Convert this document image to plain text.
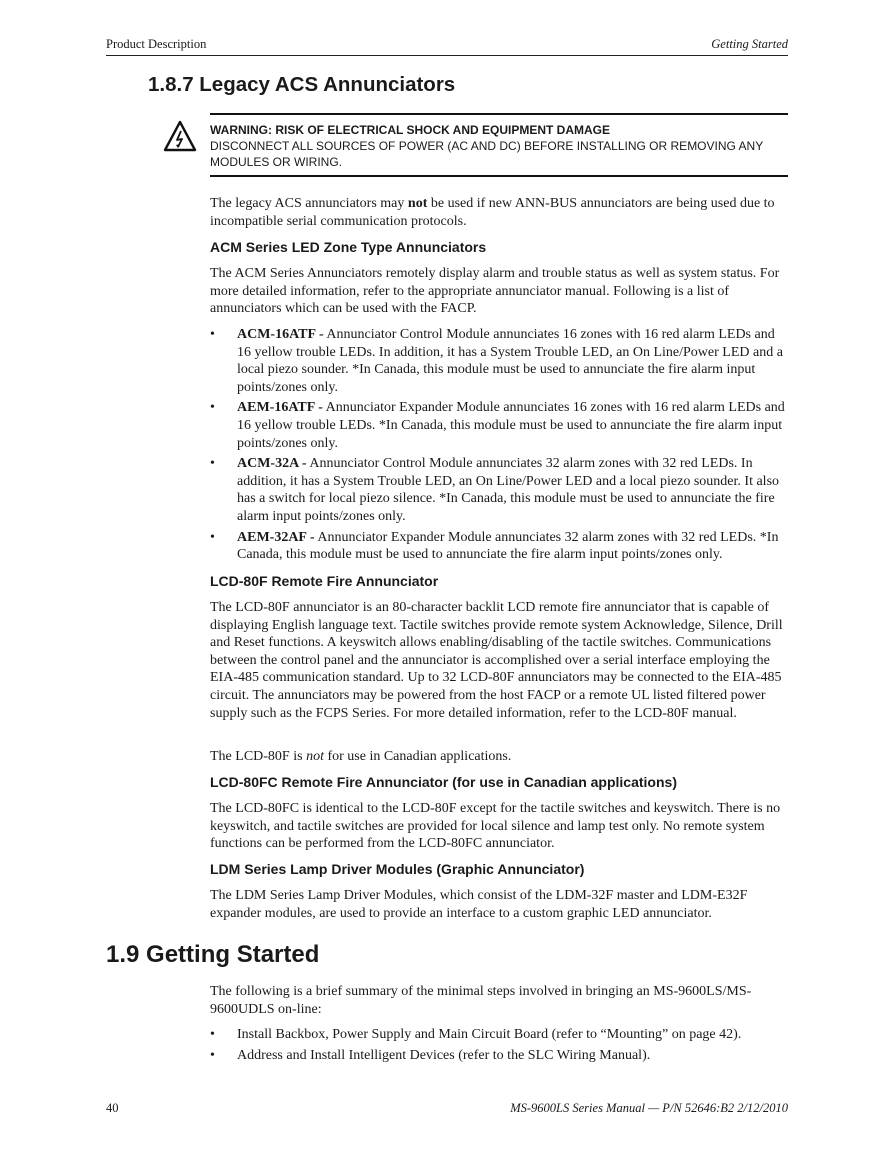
Product Description	Getting Started
1.8.7 Legacy ACS Annunciators
WARNING: RISK OF ELECTRICAL SHOCK AND EQUIPMENT DAMAGE
DISCONNECT ALL SOURCES OF POWER (AC AND DC) BEFORE INSTALLING OR REMOVING ANY MODULES OR WIRING.

The legacy ACS annunciators may not be used if new ANN-BUS annunciators are being used due to incompatible serial communication protocols.

ACM Series LED Zone Type Annunciators

The ACM Series Annunciators remotely display alarm and trouble status as well as system status. For more detailed information, refer to the appropriate annunciator manual. Following is a list of annunciators which can be used with the FACP.

• ACM-16ATF - Annunciator Control Module annunciates 16 zones with 16 red alarm LEDs and 16 yellow trouble LEDs. In addition, it has a System Trouble LED, an On Line/Power LED and a local piezo sounder. *In Canada, this module must be used to annunciate the fire alarm input points/zones only.
• AEM-16ATF - Annunciator Expander Module annunciates 16 zones with 16 red alarm LEDs and 16 yellow trouble LEDs. *In Canada, this module must be used to annunciate the fire alarm input points/zones only.
• ACM-32A - Annunciator Control Module annunciates 32 alarm zones with 32 red LEDs. In addition, it has a System Trouble LED, an On Line/Power LED and a local piezo sounder. It also has a switch for local piezo silence. *In Canada, this module must be used to annunciate the fire alarm input points/zones only.
• AEM-32AF - Annunciator Expander Module annunciates 32 alarm zones with 32 red LEDs. *In Canada, this module must be used to annunciate the fire alarm input points/zones only.
LCD-80F Remote Fire Annunciator

The LCD-80F annunciator is an 80-character backlit LCD remote fire annunciator that is capable of displaying English language text. Tactile switches provide remote system Acknowledge, Silence, Drill and Reset functions. A keyswitch allows enabling/disabling of the tactile switches. Communications between the control panel and the annunciator is accomplished over a serial interface employing the EIA-485 communication standard. Up to 32 LCD-80F annunciators may be connected to the EIA-485 circuit. The annunciators may be powered from the host FACP or a remote UL listed filtered power supply such as the FCPS Series. For more detailed information, refer to the LCD-80F manual.

The LCD-80F is not for use in Canadian applications.

LCD-80FC Remote Fire Annunciator (for use in Canadian applications)

The LCD-80FC is identical to the LCD-80F except for the tactile switches and keyswitch. There is no keyswitch, and tactile switches are provided for local silence and lamp test only. No remote system functions can be performed from the LCD-80FC annunciator.

LDM Series Lamp Driver Modules (Graphic Annunciator)

The LDM Series Lamp Driver Modules, which consist of the LDM-32F master and LDM-E32F expander modules, are used to provide an interface to a custom graphic LED annunciator.

1.9 Getting Started

The following is a brief summary of the minimal steps involved in bringing an MS-9600LS/MS-9600UDLS on-line:

• Install Backbox, Power Supply and Main Circuit Board (refer to “Mounting” on page 42).
• Address and Install Intelligent Devices (refer to the SLC Wiring Manual).
40	MS-9600LS Series Manual — P/N 52646:B2 2/12/2010
